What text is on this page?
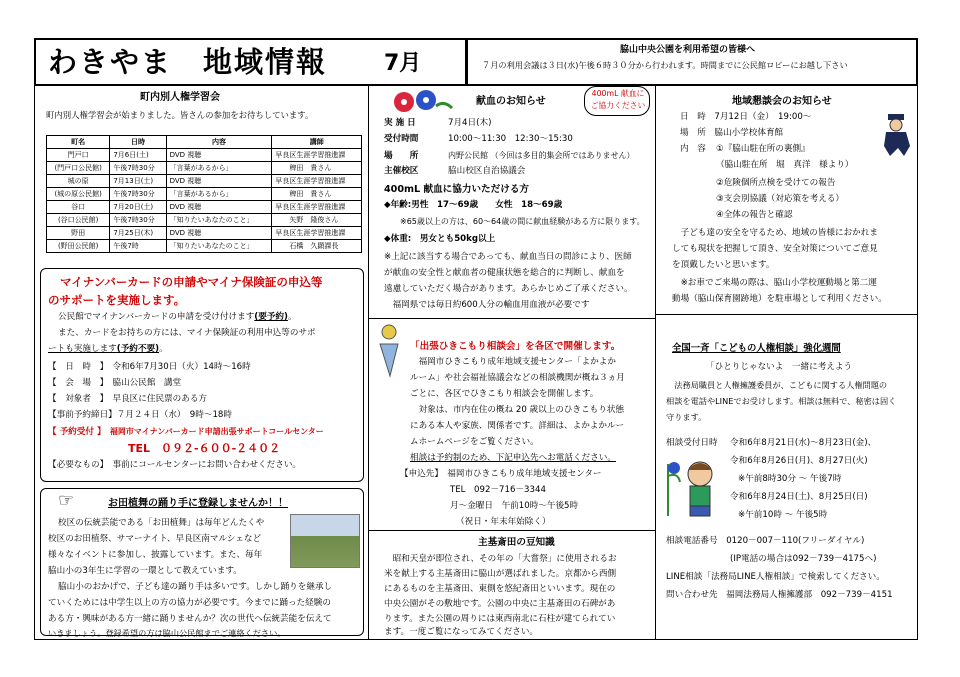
わきやま　地域情報	7月
脇山中央公園を利用希望の皆様へ
７月の利用会議は３日(水)午後６時３０分から行われます。時間までに公民館ロビーにお越し下さい
町内別人権学習会
町内別人権学習会が始まりました。皆さんの参加をお待ちしています。
町名	日時	内容	講師
門戸口	7月6日(土)	DVD 視聴	早良区生涯学習推進課
(門戸口公民館)	午後7時30分	「言葉があるから」	　　稗田　貴さん
城の原	7月13日(土)	DVD 視聴	早良区生涯学習推進課
(城の原公民館)	午後7時30分	「言葉があるから」	　　稗田　貴さん
谷口	7月20日(土)	DVD 視聴	早良区生涯学習推進課
(谷口公民館)	午後7時30分	「知りたいあなたのこと」	　　矢野　隆俊さん
野田	7月25日(木)	DVD 視聴	早良区生涯学習推進課
(野田公民館)	午後7時	「知りたいあなたのこと」	　　石橋　久顕課長
マイナンバーカードの申請やマイナ保険証の申込等
のサポートを実施します。
公民館でマイナンバーカードの申請を受け付けます(要予約)。
また、カードをお持ちの方には、マイナ保険証の利用申込等のサポ
ートも実施します(予約不要)。
【　日　時　】　 令和6年7月30日（火）14時～16時
【　会　場　】　 脇山公民館　講堂
【　対象者　】　 早良区に住民票のある方
【事前予約締日】７月２４日（水）　9時～18時
【 予約受付 】　 福岡市マイナンバーカード申請出張サポートコールセンター
TEL　０９２-６００-２４０２
【必要なもの】　 事前にコールセンターにお問い合わせください。
☞	お田植舞の踊り手に登録しませんか！！
校区の伝統芸能である「お田植舞」は毎年どんたくや
校区のお田植祭、サマーナイト、早良区南マルシェなど
様々なイベントに参加し、披露しています。また、毎年
脇山小の3年生に学習の一環として教えています。
脇山小のおかげで、子ども達の踊り手は多いです。しかし踊りを継承し
ていくためには中学生以上の方の協力が必要です。今までに踊った経験の
ある方・興味がある方一緒に踊りませんか？次の世代へ伝統芸能を伝えて
いきましょう。登録希望の方は脇山公民館までご連絡ください。
献血のお知らせ
400mL 献血にご協力ください
実 施 日	7月4日(木)
受付時間	10:00～11:30　12:30～15:30
場　　所	内野公民館 （今回は多目的集会所ではありません）
主催校区	脇山校区自治協議会
400mL 献血に協力いただける方
◆年齢:男性　17～69歳　　女性　18～69歳
※65歳以上の方は、60～64歳の間に献血経験がある方に限ります。
◆体重:　男女とも50kg以上
※上記に該当する場合であっても、献血当日の問診により、医師
が献血の安全性と献血者の健康状態を総合的に判断し、献血を
遠慮していただく場合があります。あらかじめご了承ください。
　福岡県では毎日約600人分の輸血用血液が必要です
「出張ひきこもり相談会」を各区で開催します。
　福岡市ひきこもり成年地域支援センター「よかよか
ルーム」や社会福祉協議会などの相談機関が概ね３ヵ月
ごとに、各区でひきこもり相談会を開催します。
　対象は、市内在住の概ね 20 歳以上のひきこもり状態
にある本人や家族、関係者です。詳細は、よかよかルー
ムホームページをご覧ください。
相談は予約制のため、下記申込先へお電話ください。
【申込先】　福岡市ひきこもり成年地域支援センター
TEL　092－716－3344
月～金曜日　午前10時～午後5時
（祝日・年末年始除く）
主基斎田の豆知識
　昭和天皇が即位され、その年の「大嘗祭」に使用されるお
米を献上する主基斎田に脇山が選ばれました。京都から西側
にあるものを主基斎田、東側を悠紀斎田といいます。現在の
中央公園がその敷地です。公園の中央に主基斎田の石碑があ
ります。また公園の周りには東西南北に石柱が建てられてい
ます。一度ご覧になってみてください。
地域懇談会のお知らせ
日　時　7月12日（金）　19:00～
場　所　脇山小学校体育館
内　容 ①『脇山駐在所の裏側』
（脇山駐在所　堀　真洋　様より）
②危険個所点検を受けての報告
③支会別協議（対応策を考える）
④全体の報告と確認
　子ども達の安全を守るため、地域の皆様におかれま
しても現状を把握して頂き、安全対策についてご意見
を頂戴したいと思います。
　※お車でご来場の際は、脇山小学校運動場と第二運
動場（脇山保育園跡地）を駐車場として利用ください。
全国一斉「こどもの人権相談」強化週間
「ひとりじゃないよ　一緒に考えよう
　法務局職員と人権擁護委員が、こどもに関する人権問題の
相談を電話やLINEでお受けします。相談は無料で、秘密は固く
守ります。
相談受付日時 令和6年8月21日(水)～8月23日(金)、
令和6年8月26日(月)、8月27日(火)
※午前8時30分 ～ 午後7時
令和6年8月24日(土)、8月25日(日)
※午前10時 ～ 午後5時
相談電話番号　 0120－007－110(フリーダイヤル)
(IP電話の場合は092－739－4175へ)
LINE相談「法務局LINE人権相談」で検索してください。
問い合わせ先　福岡法務局人権擁護部　092－739－4151
